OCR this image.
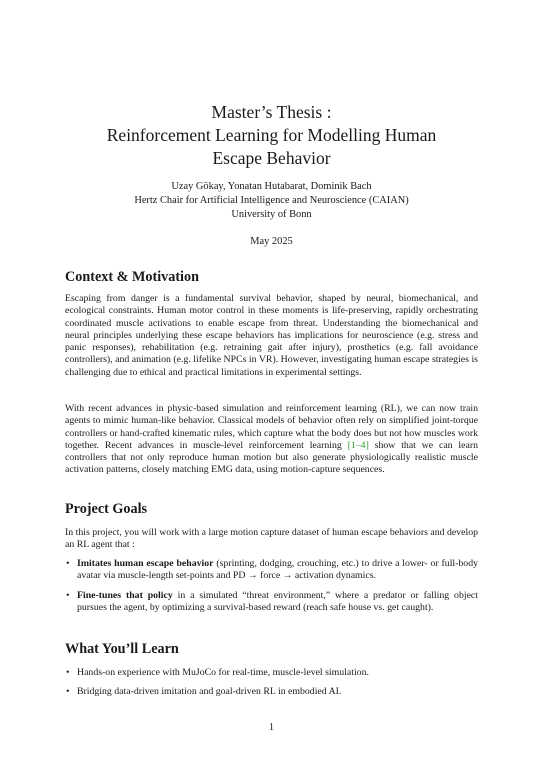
Master’s Thesis :
Reinforcement Learning for Modelling Human
Escape Behavior
Uzay Gökay, Yonatan Hutabarat, Dominik Bach
Hertz Chair for Artificial Intelligence and Neuroscience (CAIAN)
University of Bonn
May 2025
Context & Motivation

Escaping from danger is a fundamental survival behavior, shaped by neural, biomechanical, and ecological constraints. Human motor control in these moments is life-preserving, rapidly orchestrating coordinated muscle activations to enable escape from threat. Understanding the biomechanical and neural principles underlying these escape behaviors has implications for neuroscience (e.g. stress and panic responses), rehabilitation (e.g. retraining gait after injury), prosthetics (e.g. fall avoidance controllers), and animation (e.g. lifelike NPCs in VR). However, investigating human escape strategies is challenging due to ethical and practical limitations in experimental settings.

With recent advances in physic-based simulation and reinforcement learning (RL), we can now train agents to mimic human-like behavior. Classical models of behavior often rely on simplified joint-torque controllers or hand-crafted kinematic rules, which capture what the body does but not how muscles work together. Recent advances in muscle-level reinforcement learning [1–4] show that we can learn controllers that not only reproduce human motion but also generate physiologically realistic muscle activation patterns, closely matching EMG data, using motion-capture sequences.

Project Goals

In this project, you will work with a large motion capture dataset of human escape behaviors and develop an RL agent that :

• Imitates human escape behavior (sprinting, dodging, crouching, etc.) to drive a lower- or full-body avatar via muscle-length set-points and PD → force → activation dynamics.
• Fine-tunes that policy in a simulated “threat environment,” where a predator or falling object pursues the agent, by optimizing a survival-based reward (reach safe house vs. get caught).
What You’ll Learn
• Hands-on experience with MuJoCo for real-time, muscle-level simulation.
• Bridging data-driven imitation and goal-driven RL in embodied AI.
1
